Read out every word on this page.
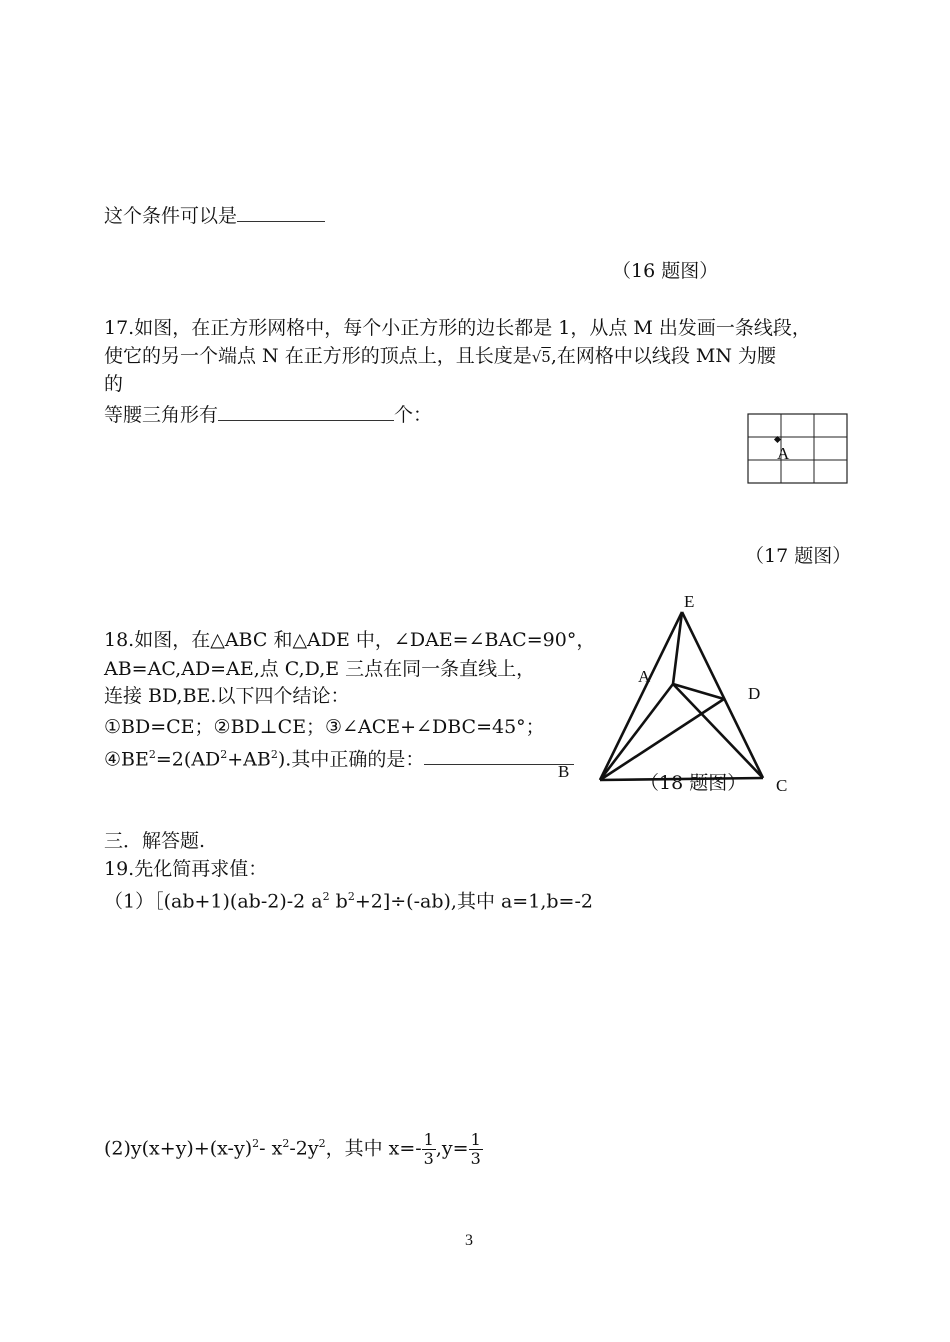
这个条件可以是
（16 题图）
17.如图，在正方形网格中，每个小正方形的边长都是 1，从点 M 出发画一条线段，
使它的另一个端点 N 在正方形的顶点上，且长度是√5,在网格中以线段 MN 为腰
的
等腰三角形有	个：
A
（17 题图）
18.如图，在△ABC 和△ADE 中，∠DAE=∠BAC=90°，
AB=AC,AD=AE,点 C,D,E 三点在同一条直线上，
连接 BD,BE.以下四个结论：
①BD=CE；②BD⊥CE；③∠ACE+∠DBC=45°；
$④BE^2=2(AD^2+AB^2)$.其中正确的是：
E
A
D
B
C
（18 题图）
三．解答题.
19.先化简再求值：
（1）［(ab+1)(ab-2)-2 $a^2$ $b^2+2]\div(-ab)$,其中 a=1,b=-2
$(2)y(x+y)+(x-y)^2-$ $x^2-2y^2$，其中 $x=- \frac{1}{3} ,y= \frac{1}{3}$
3
